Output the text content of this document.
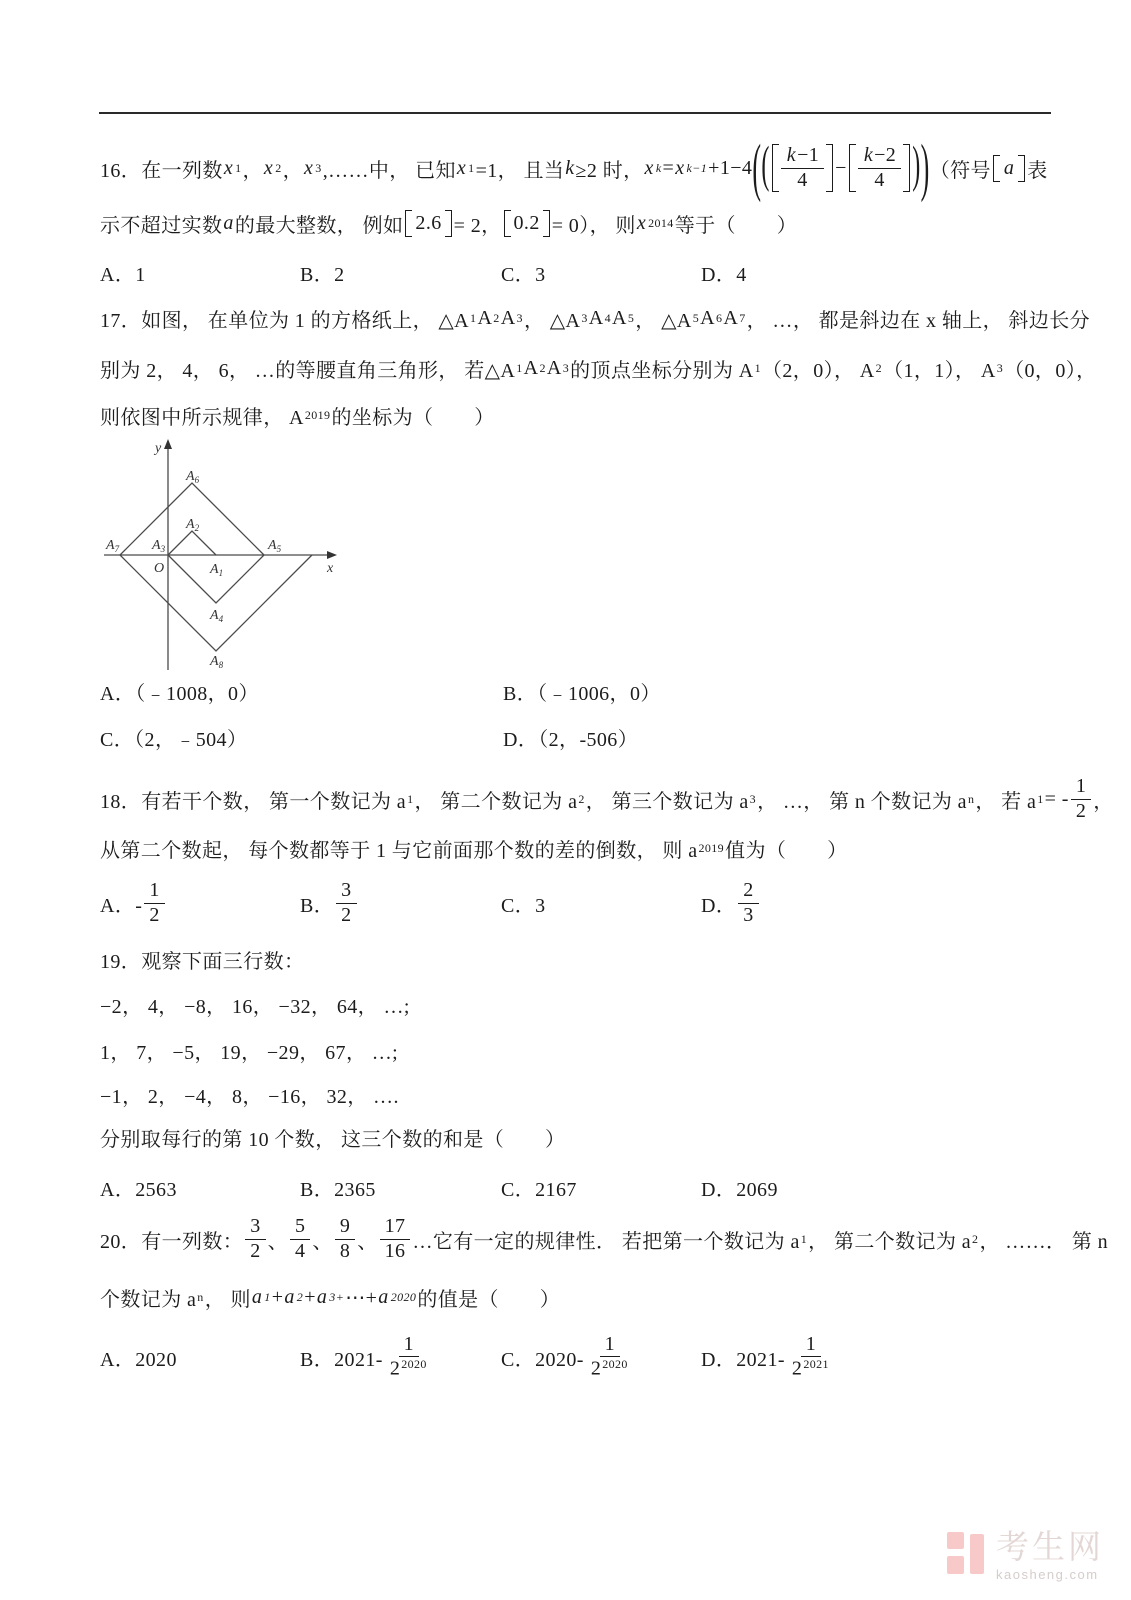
16．在一列数 x 1 ， x 2 ， x 3 ,……中， 已知 x 1 =1， 且当 k ≥2 时， x k = x k−1 +1−4 ( ( $\frac{k-1}{4} - \frac{k-2}{4}$ ) ) （符号 a 表
示不超过实数 a 的最大整数， 例如 2.6 = 2， 0.2 = 0）， 则 x 2014 等于（　　）
A．1	B．2	C．3	D．4
17．如图， 在单位为 1 的方格纸上， △A 1 A 2 A 3 ， △A 3 A 4 A 5 ， △A 5 A 6 A 7 ， …， 都是斜边在 x 轴上， 斜边长分
别为 2， 4， 6， …的等腰直角三角形， 若△A 1 A 2 A 3 的顶点坐标分别为 A 1 （2，0）， A 2 （1，1）， A 3 （0，0），
则依图中所示规律， A 2019 的坐标为（　　）
y
x
O
$A_6$
$A_2$
$A_7$ $A_3$	$A_5$
$A_1$
$A_4$
$A_8$
A．（﹣1008，0）	B．（﹣1006，0）
C．（2，﹣504）	D．（2，-506）
18．有若干个数， 第一个数记为 a 1 ， 第二个数记为 a 2 ， 第三个数记为 a 3 ， …， 第 n 个数记为 a n ， 若 a 1 = - $\frac{1}{2}$ ，
从第二个数起， 每个数都等于 1 与它前面那个数的差的倒数， 则 a 2019 值为（　　）
A．- $\frac{1}{2}$	B． $\frac{3}{2}$	C．3	D． $\frac{2}{3}$
19．观察下面三行数：
−2， 4， −8， 16， −32， 64， …;
1， 7， −5， 19， −29， 67， …;
−1， 2， −4， 8， −16， 32， ….
分别取每行的第 10 个数， 这三个数的和是（　　）
A．2563	B．2365	C．2167	D．2069
20．有一列数： $\frac{3}{2}$ 、 $\frac{5}{4}$ 、 $\frac{9}{8}$ 、 $\frac{17}{16}$ …它有一定的规律性． 若把第一个数记为 a 1 ， 第二个数记为 a 2 ， ……． 第 n
个数记为 a n ， 则 a 1 + a 2 + a 3+ ⋯+ a 2020 的值是（　　）
A．2020	B．$2021- \frac{1}{2^{2020}}$	C．$2020- \frac{1}{2^{2020}}$	D．$2021- \frac{1}{2^{2021}}$
考生网
kaosheng.com
